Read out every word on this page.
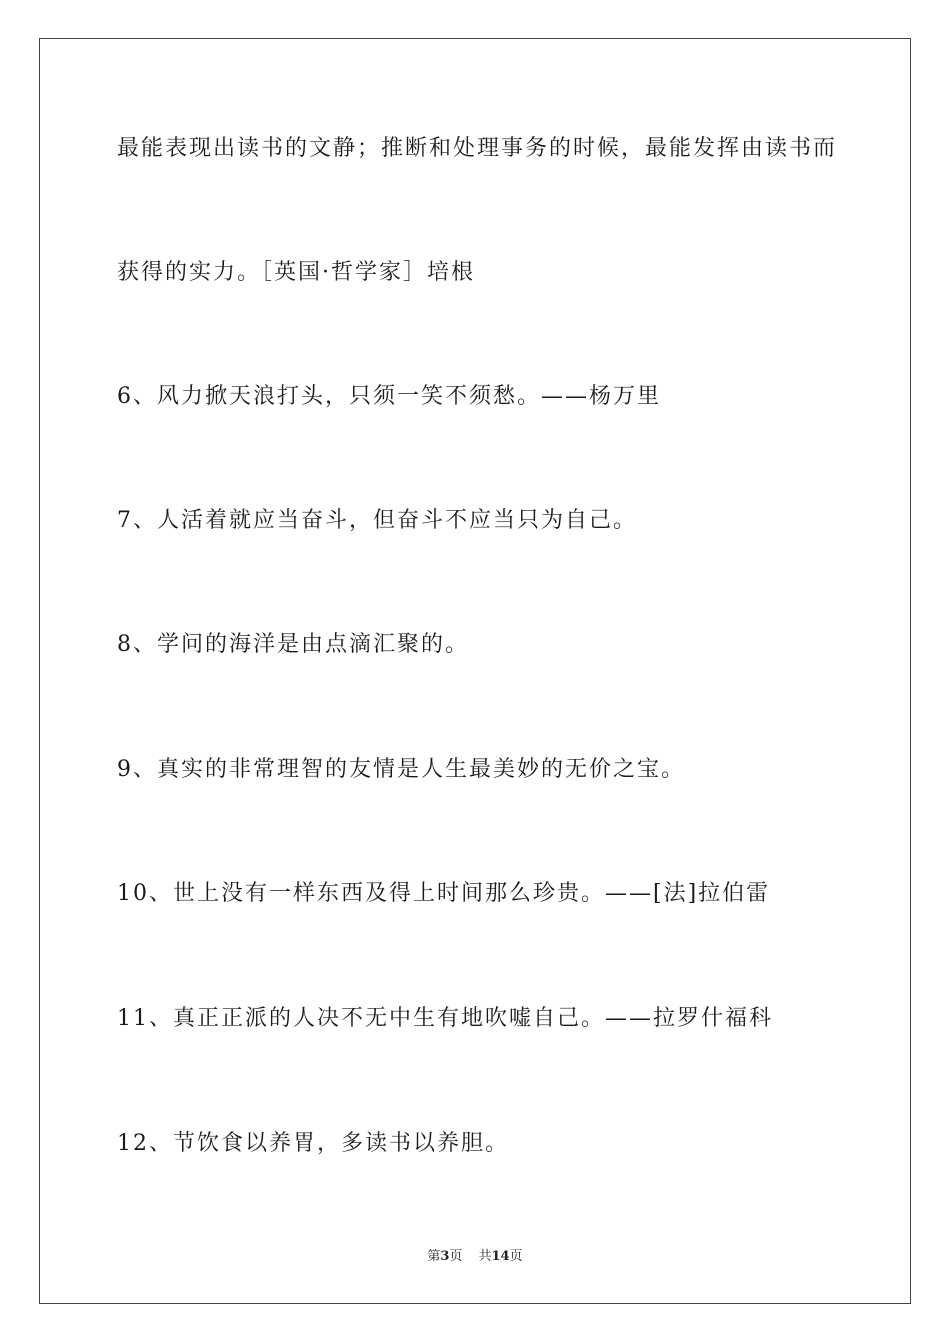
最能表现出读书的文静；推断和处理事务的时候，最能发挥由读书而
获得的实力。［英国·哲学家］培根
6、风力掀天浪打头，只须一笑不须愁。——杨万里
7、人活着就应当奋斗，但奋斗不应当只为自己。
8、学问的海洋是由点滴汇聚的。
9、真实的非常理智的友情是人生最美妙的无价之宝。
10、世上没有一样东西及得上时间那么珍贵。——[法]拉伯雷
11、真正正派的人决不无中生有地吹嘘自己。——拉罗什福科
12、节饮食以养胃，多读书以养胆。
第3页 共14页
